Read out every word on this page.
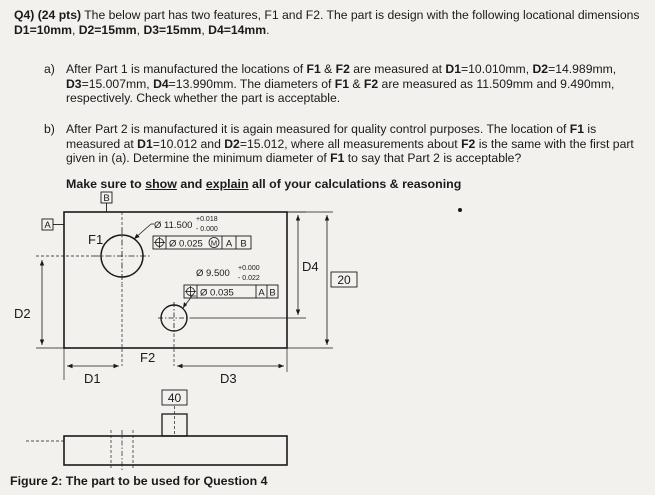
Q4) (24 pts) The below part has two features, F1 and F2. The part is design with the following locational dimensions D1=10mm, D2=15mm, D3=15mm, D4=14mm.
a) After Part 1 is manufactured the locations of F1 & F2 are measured at D1=10.010mm, D2=14.989mm, D3=15.007mm, D4=13.990mm. The diameters of F1 & F2 are measured as 11.509mm and 9.490mm, respectively. Check whether the part is acceptable.
b) After Part 2 is manufactured it is again measured for quality control purposes. The location of F1 is measured at D1=10.012 and D2=15.012, where all measurements about F2 is the same with the first part given in (a). Determine the minimum diameter of F1 to say that Part 2 is acceptable?
Make sure to show and explain all of your calculations & reasoning
B
A
F1
Ø 11.500
+0.018
- 0.000
Ø 0.025 M A B
F2
Ø 9.500 +0.000
- 0.022
Ø 0.035	A B
D2
D4
20
D1	D3
40
Figure 2: The part to be used for Question 4
